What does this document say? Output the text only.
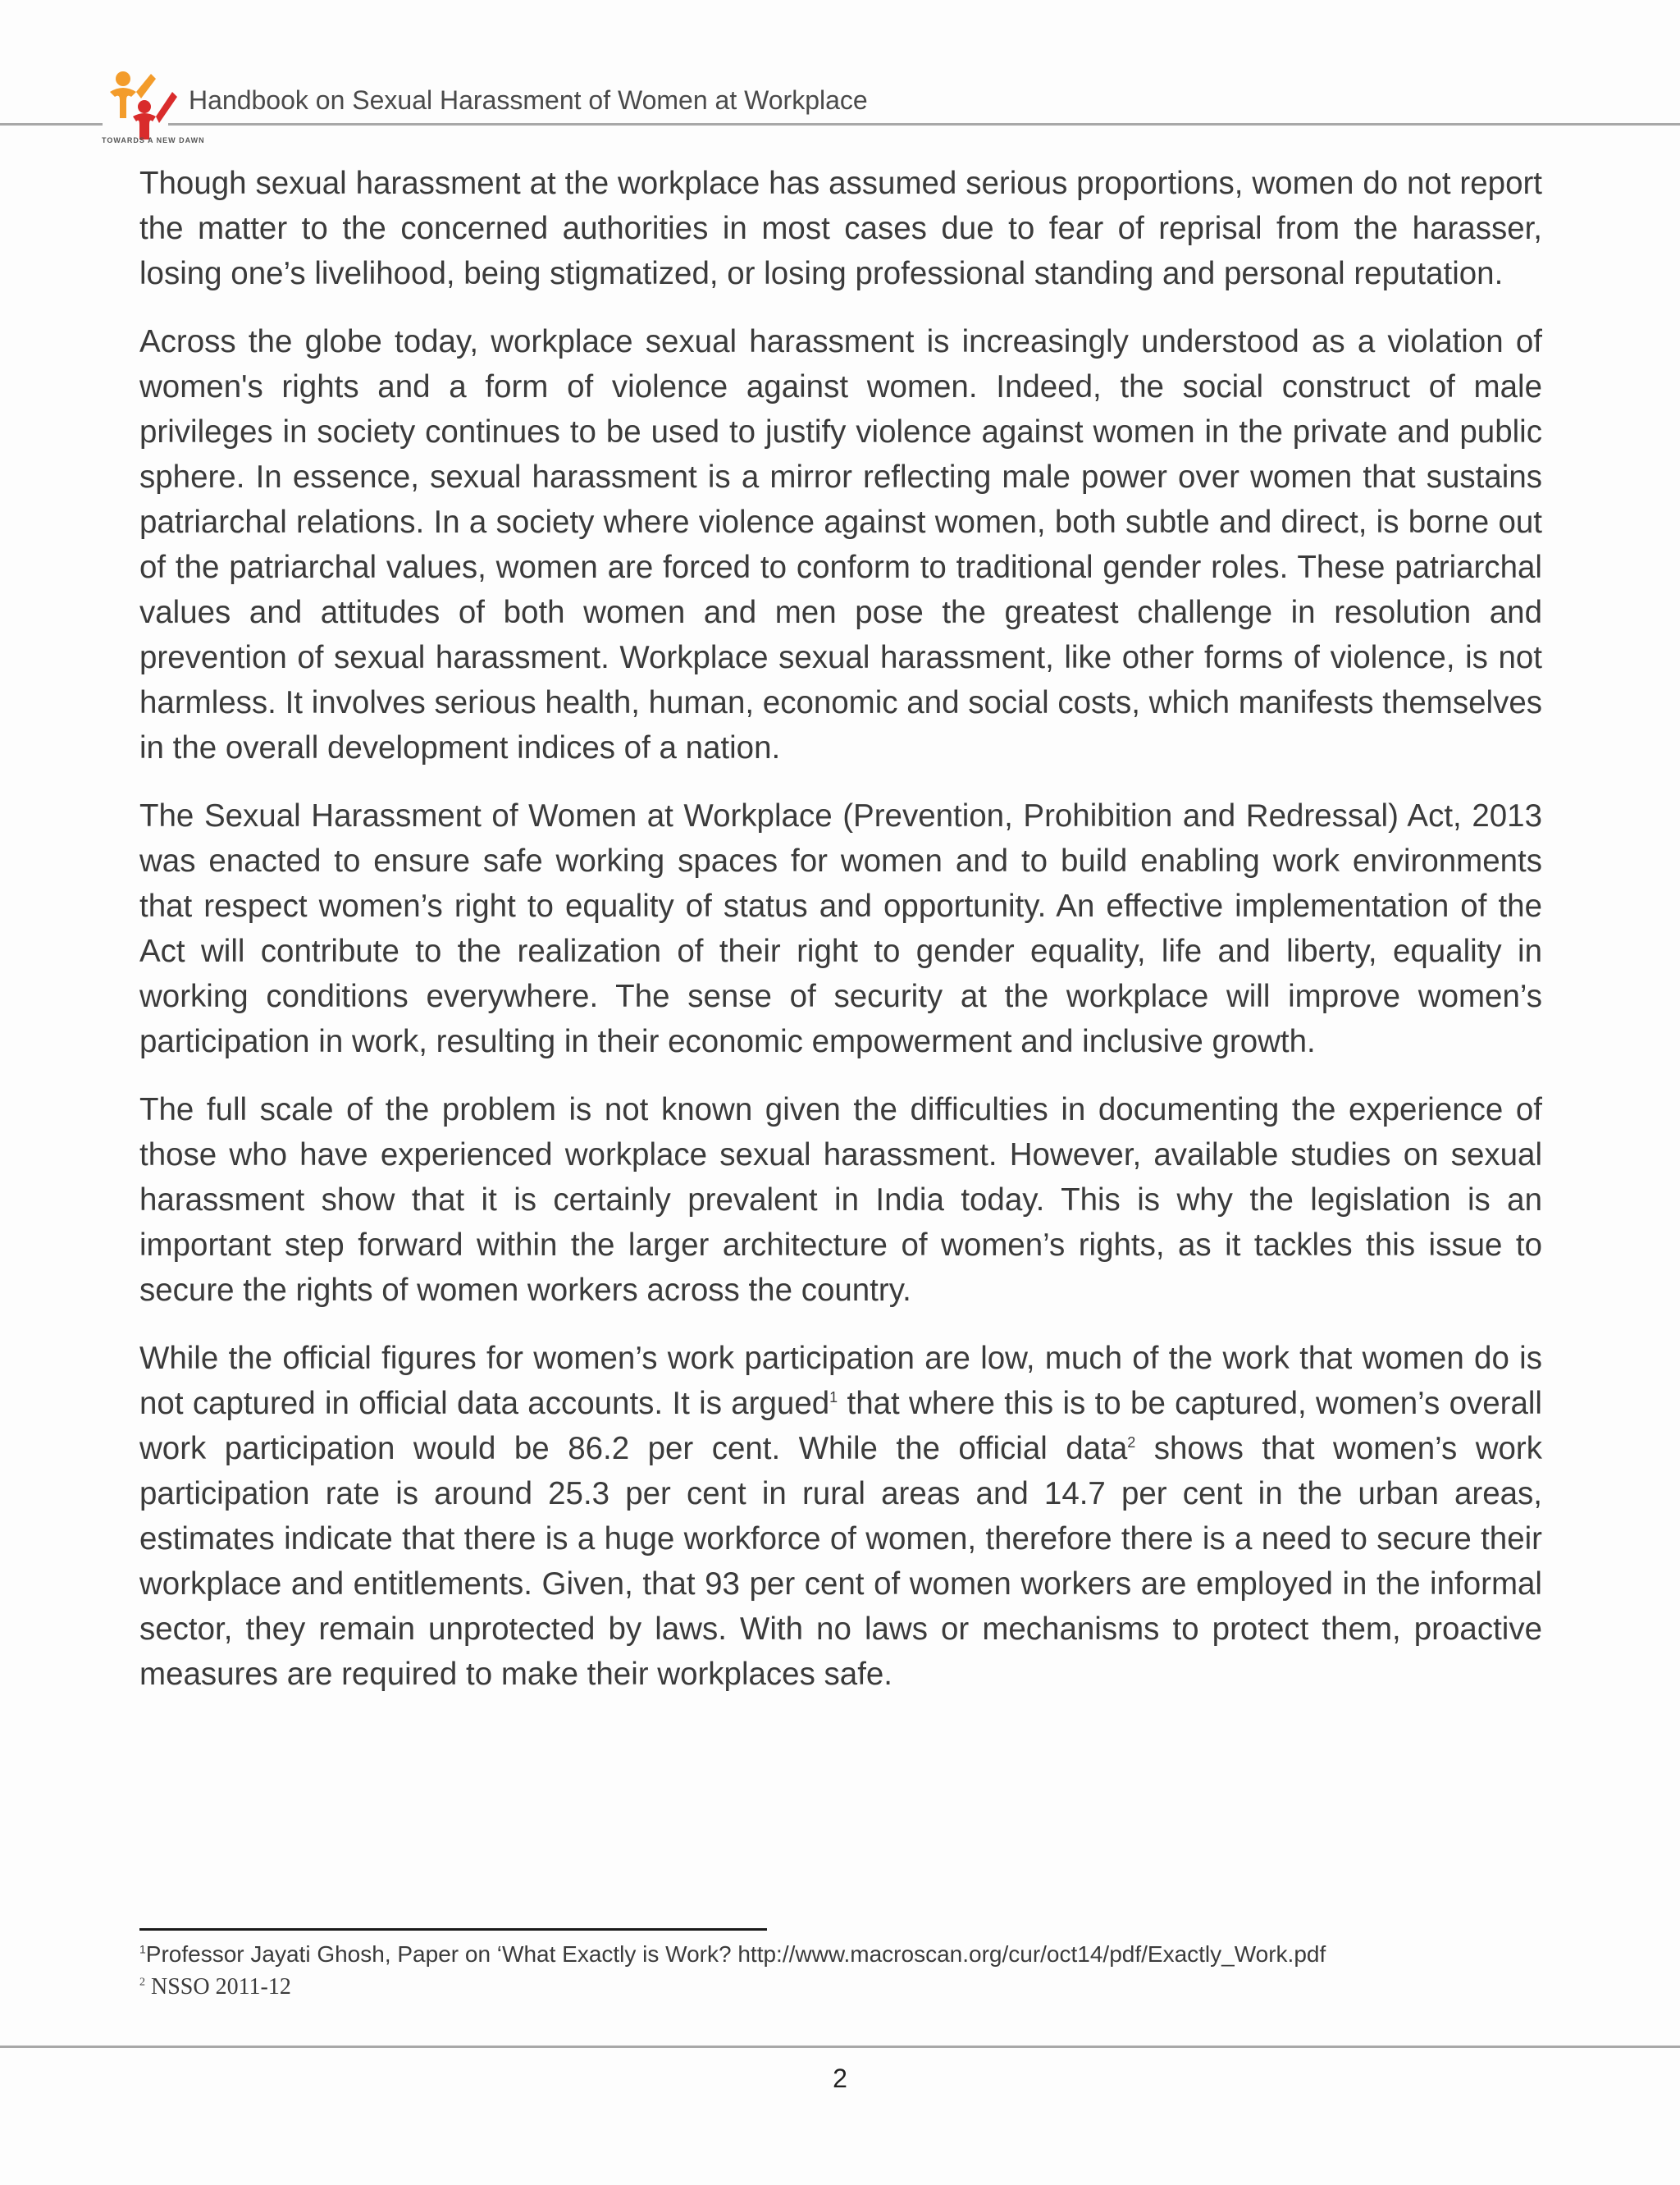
TOWARDS A NEW DAWN
Handbook on Sexual Harassment of Women at Workplace

Though sexual harassment at the workplace has assumed serious proportions, women do not report the matter to the concerned authorities in most cases due to fear of reprisal from the harasser, losing one’s livelihood, being stigmatized, or losing professional standing and personal reputation.

Across the globe today, workplace sexual harassment is increasingly understood as a violation of women's rights and a form of violence against women. Indeed, the social construct of male privileges in society continues to be used to justify violence against women in the private and public sphere. In essence, sexual harassment is a mirror reflecting male power over women that sustains patriarchal relations. In a society where violence against women, both subtle and direct, is borne out of the patriarchal values, women are forced to conform to traditional gender roles. These patriarchal values and attitudes of both women and men pose the greatest challenge in resolution and prevention of sexual harassment. Workplace sexual harassment, like other forms of violence, is not harmless. It involves serious health, human, economic and social costs, which manifests themselves in the overall development indices of a nation.

The Sexual Harassment of Women at Workplace (Prevention, Prohibition and Redressal) Act, 2013 was enacted to ensure safe working spaces for women and to build enabling work environments that respect women’s right to equality of status and opportunity. An effective implementation of the Act will contribute to the realization of their right to gender equality, life and liberty, equality in working conditions everywhere. The sense of security at the workplace will improve women’s participation in work, resulting in their economic empowerment and inclusive growth.

The full scale of the problem is not known given the difficulties in documenting the experience of those who have experienced workplace sexual harassment. However, available studies on sexual harassment show that it is certainly prevalent in India today. This is why the legislation is an important step forward within the larger architecture of women’s rights, as it tackles this issue to secure the rights of women workers across the country.

While the official figures for women’s work participation are low, much of the work that women do is not captured in official data accounts. It is argued$^1$ that where this is to be captured, women’s overall work participation would be 86.2 per cent. While the official data$^2$ shows that women’s work participation rate is around 25.3 per cent in rural areas and 14.7 per cent in the urban areas, estimates indicate that there is a huge workforce of women, therefore there is a need to secure their workplace and entitlements. Given, that 93 per cent of women workers are employed in the informal sector, they remain unprotected by laws. With no laws or mechanisms to protect them, proactive measures are required to make their workplaces safe.

$^1$Professor Jayati Ghosh, Paper on ‘What Exactly is Work? http://www.macroscan.org/cur/oct14/pdf/Exactly_Work.pdf
$^2$ NSSO 2011-12
2
